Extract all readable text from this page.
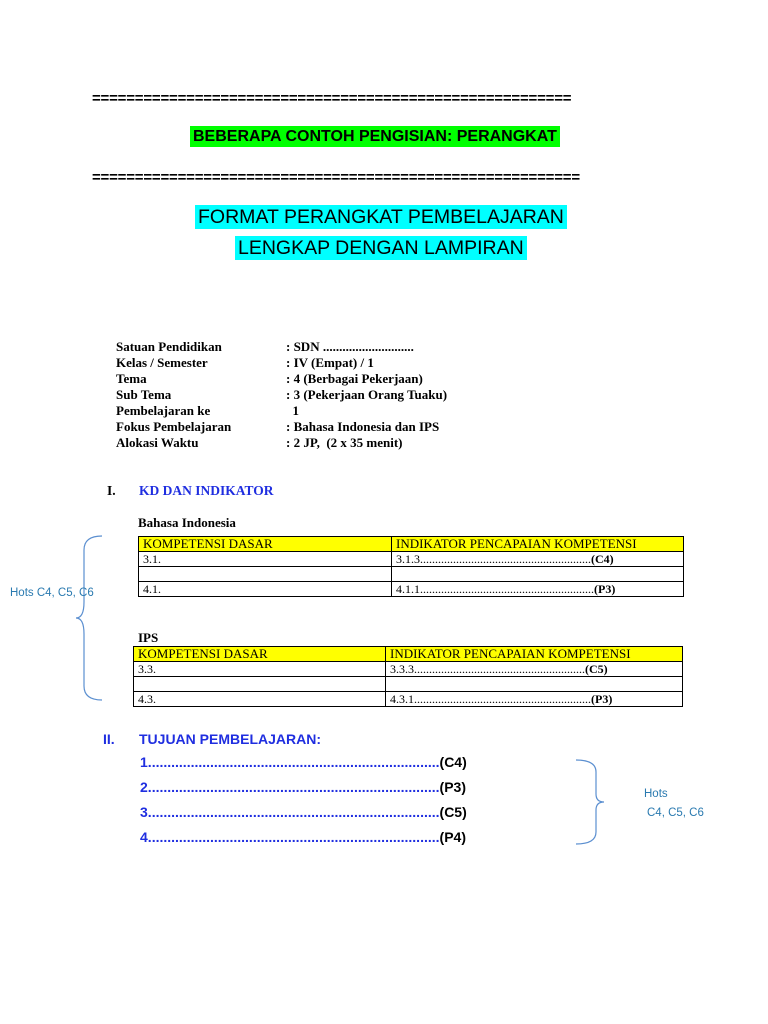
========================================================
BEBERAPA CONTOH PENGISIAN: PERANGKAT
=========================================================
FORMAT PERANGKAT PEMBELAJARAN
LENGKAP DENGAN LAMPIRAN
Satuan Pendidikan	: SDN ............................
Kelas / Semester	: IV (Empat) / 1
Tema	: 4 (Berbagai Pekerjaan)
Sub Tema	: 3 (Pekerjaan Orang Tuaku)
Pembelajaran ke	1
Fokus Pembelajaran	: Bahasa Indonesia dan IPS
Alokasi Waktu	: 2 JP,  (2 x 35 menit)
I. KD DAN INDIKATOR
Bahasa Indonesia
KOMPETENSI DASAR	INDIKATOR PENCAPAIAN KOMPETENSI
3.1.	3.1.3.........................................................(C4)

4.1.	4.1.1..........................................................(P3)
IPS
KOMPETENSI DASAR	INDIKATOR PENCAPAIAN KOMPETENSI
3.3.	3.3.3.........................................................(C5)

4.3.	4.3.1...........................................................(P3)
Hots C4, C5, C6
II. TUJUAN PEMBELAJARAN:
1...........................................................................(C4)
2...........................................................................(P3)
3...........................................................................(C5)
4...........................................................................(P4)
Hots
C4, C5, C6
